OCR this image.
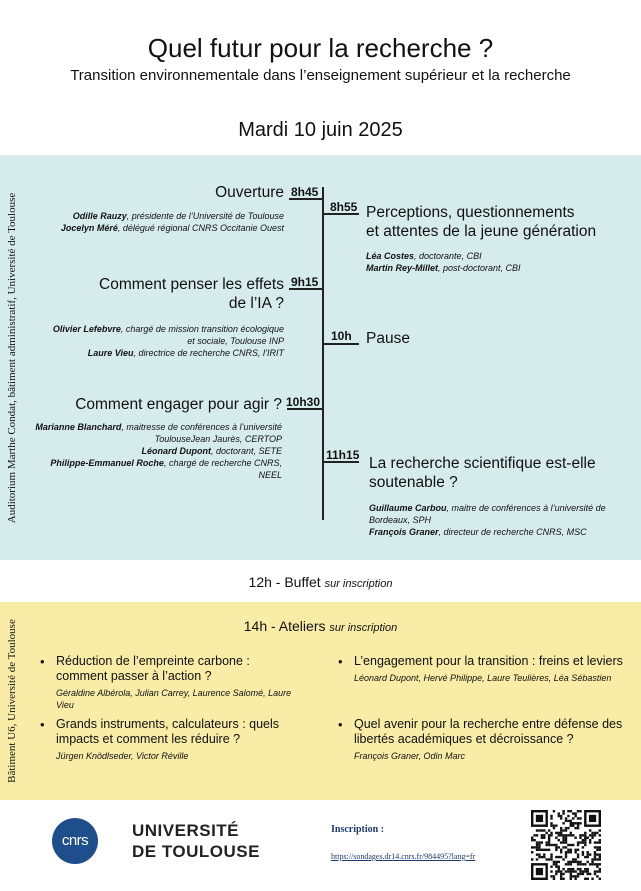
Quel futur pour la recherche ?
Transition environnementale dans l’enseignement supérieur et la recherche
Mardi 10 juin 2025
Auditorium Marthe Condat, bâtiment administratif, Université de Toulouse
8h45
Ouverture
Odille Rauzy, présidente de l’Université de Toulouse
Jocelyn Méré, délégué régional CNRS Occitanie Ouest
8h55 Perceptions, questionnements
et attentes de la jeune génération
Léa Costes, doctorante, CBI
Martin Rey-Millet, post-doctorant, CBI
9h15
Comment penser les effets
de l’IA ?
Olivier Lefebvre, chargé de mission transition écologique
et sociale, Toulouse INP
Laure Vieu, directrice de recherche CNRS, l’IRIT
10h Pause
10h30
Comment engager pour agir ?
Marianne Blanchard, maitresse de conférences à l’université
ToulouseJean Jaurès, CERTOP
Léonard Dupont, doctorant, SETE
Philippe-Emmanuel Roche, chargé de recherche CNRS,
NEEL
11h15 La recherche scientifique est-elle
soutenable ?
Guillaume Carbou, maitre de conférences à l’université de
Bordeaux, SPH
François Graner, directeur de recherche CNRS, MSC
12h - Buffet sur inscription
Bâtiment U6, Université de Toulouse	14h - Ateliers sur inscription
• Réduction de l’empreinte carbone : comment passer à l’action ?
Géraldine Albérola, Julian Carrey, Laurence Salomé, Laure Vieu
• L’engagement pour la transition : freins et leviers
Léonard Dupont, Hervé Philippe, Laure Teulières, Léa Sébastien
• Grands instruments, calculateurs : quels impacts et comment les réduire ?
Jürgen Knödlseder, Victor Réville
• Quel avenir pour la recherche entre défense des libertés académiques et décroissance ?
François Graner, Odin Marc
cnrs
UNIVERSITÉ
DE TOULOUSE
Inscription :
https://sondages.dr14.cnrs.fr/984495?lang=fr
